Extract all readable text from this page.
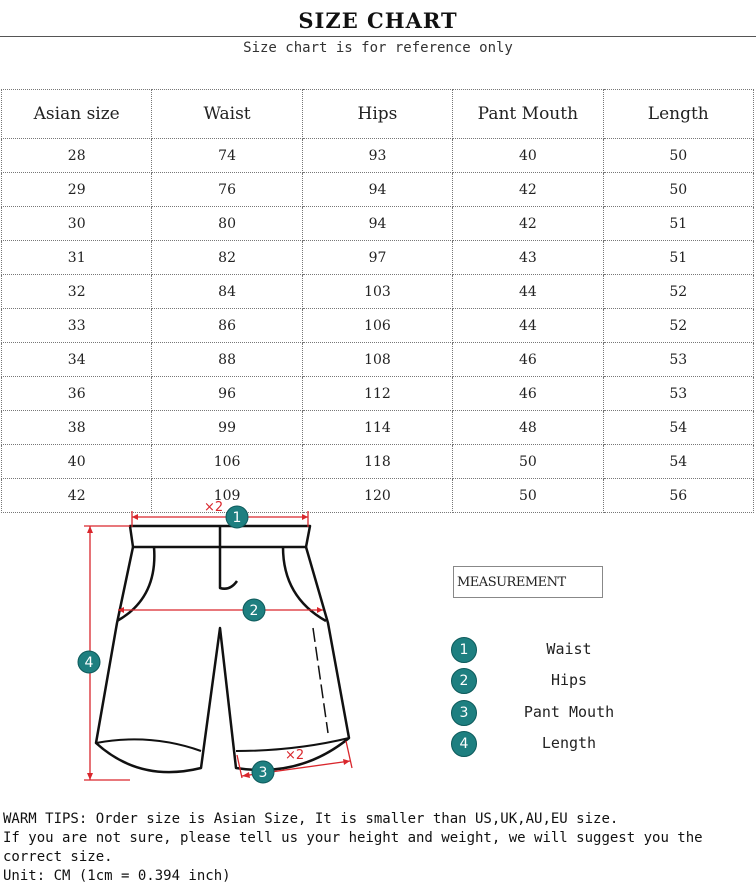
SIZE CHART
Size chart is for reference only
Asian size	Waist	Hips	Pant Mouth	Length
28	74	93	40	50
29	76	94	42	50
30	80	94	42	51
31	82	97	43	51
32	84	103	44	52
33	86	106	44	52
34	88	108	46	53
36	96	112	46	53
38	99	114	48	54
40	106	118	50	54
42	109	120	50	56
×2
×2
1
2
3
4
MEASUREMENT
1	Waist
2	Hips
3	Pant Mouth
4	Length
WARM TIPS: Order size is Asian Size, It is smaller than US,UK,AU,EU size.
If you are not sure, please tell us your height and weight, we will suggest you the correct size.
Unit: CM (1cm = 0.394 inch)
